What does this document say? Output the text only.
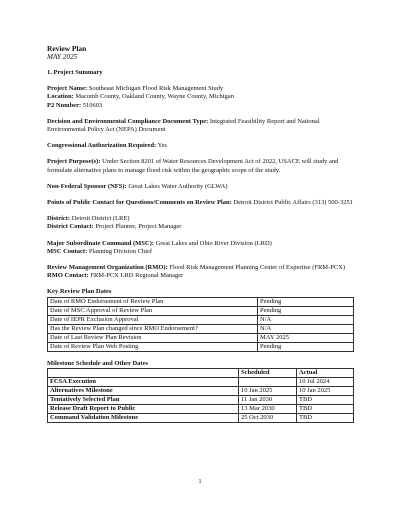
Review Plan
MAY 2025
1. Project Summary

Project Name: Southeast Michigan Flood Risk Management Study

Location: Macomb County, Oakland County, Wayne County, Michigan

P2 Number: 510603

Decision and Environmental Compliance Document Type: Integrated Feasibility Report and National Environmental Policy Act (NEPA) Document

Congressional Authorization Required: Yes

Project Purpose(s): Under Section 8201 of Water Resources Development Act of 2022, USACE will study and formulate alternative plans to manage flood risk within the geographic scope of the study.

Non-Federal Sponsor (NFS): Great Lakes Water Authority (GLWA)

Points of Public Contact for Questions/Comments on Review Plan: Detroit District Public Affairs (313) 500-3251

District: Detroit District (LRE)

District Contact: Project Planner, Project Manager

Major Subordinate Command (MSC): Great Lakes and Ohio River Division (LRD)

MSC Contact: Planning Division Chief

Review Management Organization (RMO): Flood Risk Management Planning Center of Expertise (FRM-PCX)

RMO Contact: FRM-PCX LRD Regional Manager

Key Review Plan Dates
Date of RMO Endorsement of Review Plan	Pending
Date of MSC Approval of Review Plan	Pending
Date of IEPR Exclusion Approval	N/A
Has the Review Plan changed since RMO Endorsement?	N/A
Date of Last Review Plan Revision	MAY 2025
Date of Review Plan Web Posting	Pending
Milestone Schedule and Other Dates
	Scheduled	Actual
FCSA Execution		10 Jul 2024
Alternatives Milestone	10 Jan 2025	10 Jan 2025
Tentatively Selected Plan	11 Jan 2030	TBD
Release Draft Report to Public	13 Mar 2030	TBD
Command Validation Milestone	25 Oct 2030	TBD
1
